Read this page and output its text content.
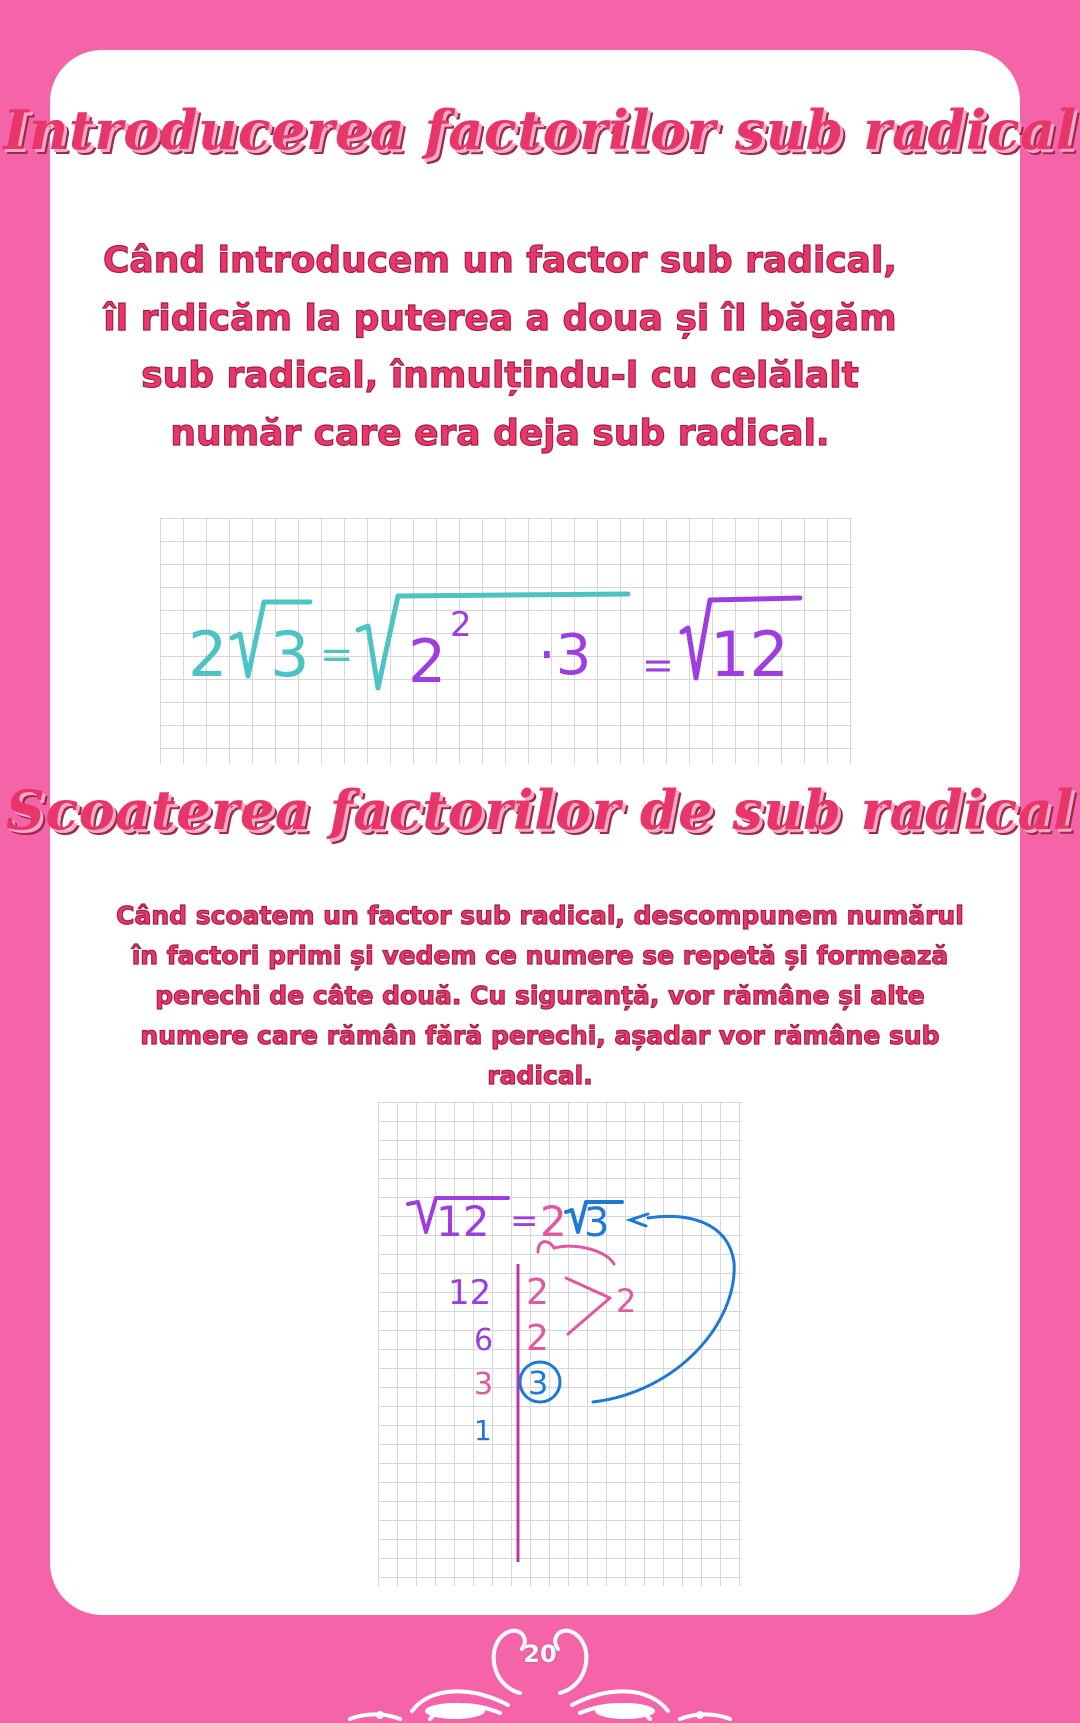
Introducerea factorilor sub radical
Când introducem un factor sub radical, îl ridicăm la puterea a doua și îl băgăm sub radical, înmulțindu-l cu celălalt număr care era deja sub radical.
2 3 = 2
2 ·3 = 12
Scoaterea factorilor de sub radical
Când scoatem un factor sub radical, descompunem numărul în factori primi și vedem ce numere se repetă și formează perechi de câte două. Cu siguranță, vor rămâne și alte numere care rămân fără perechi, așadar vor rămâne sub radical.
12 = 2 3
12
6
3
1
2
2
3
2
20
